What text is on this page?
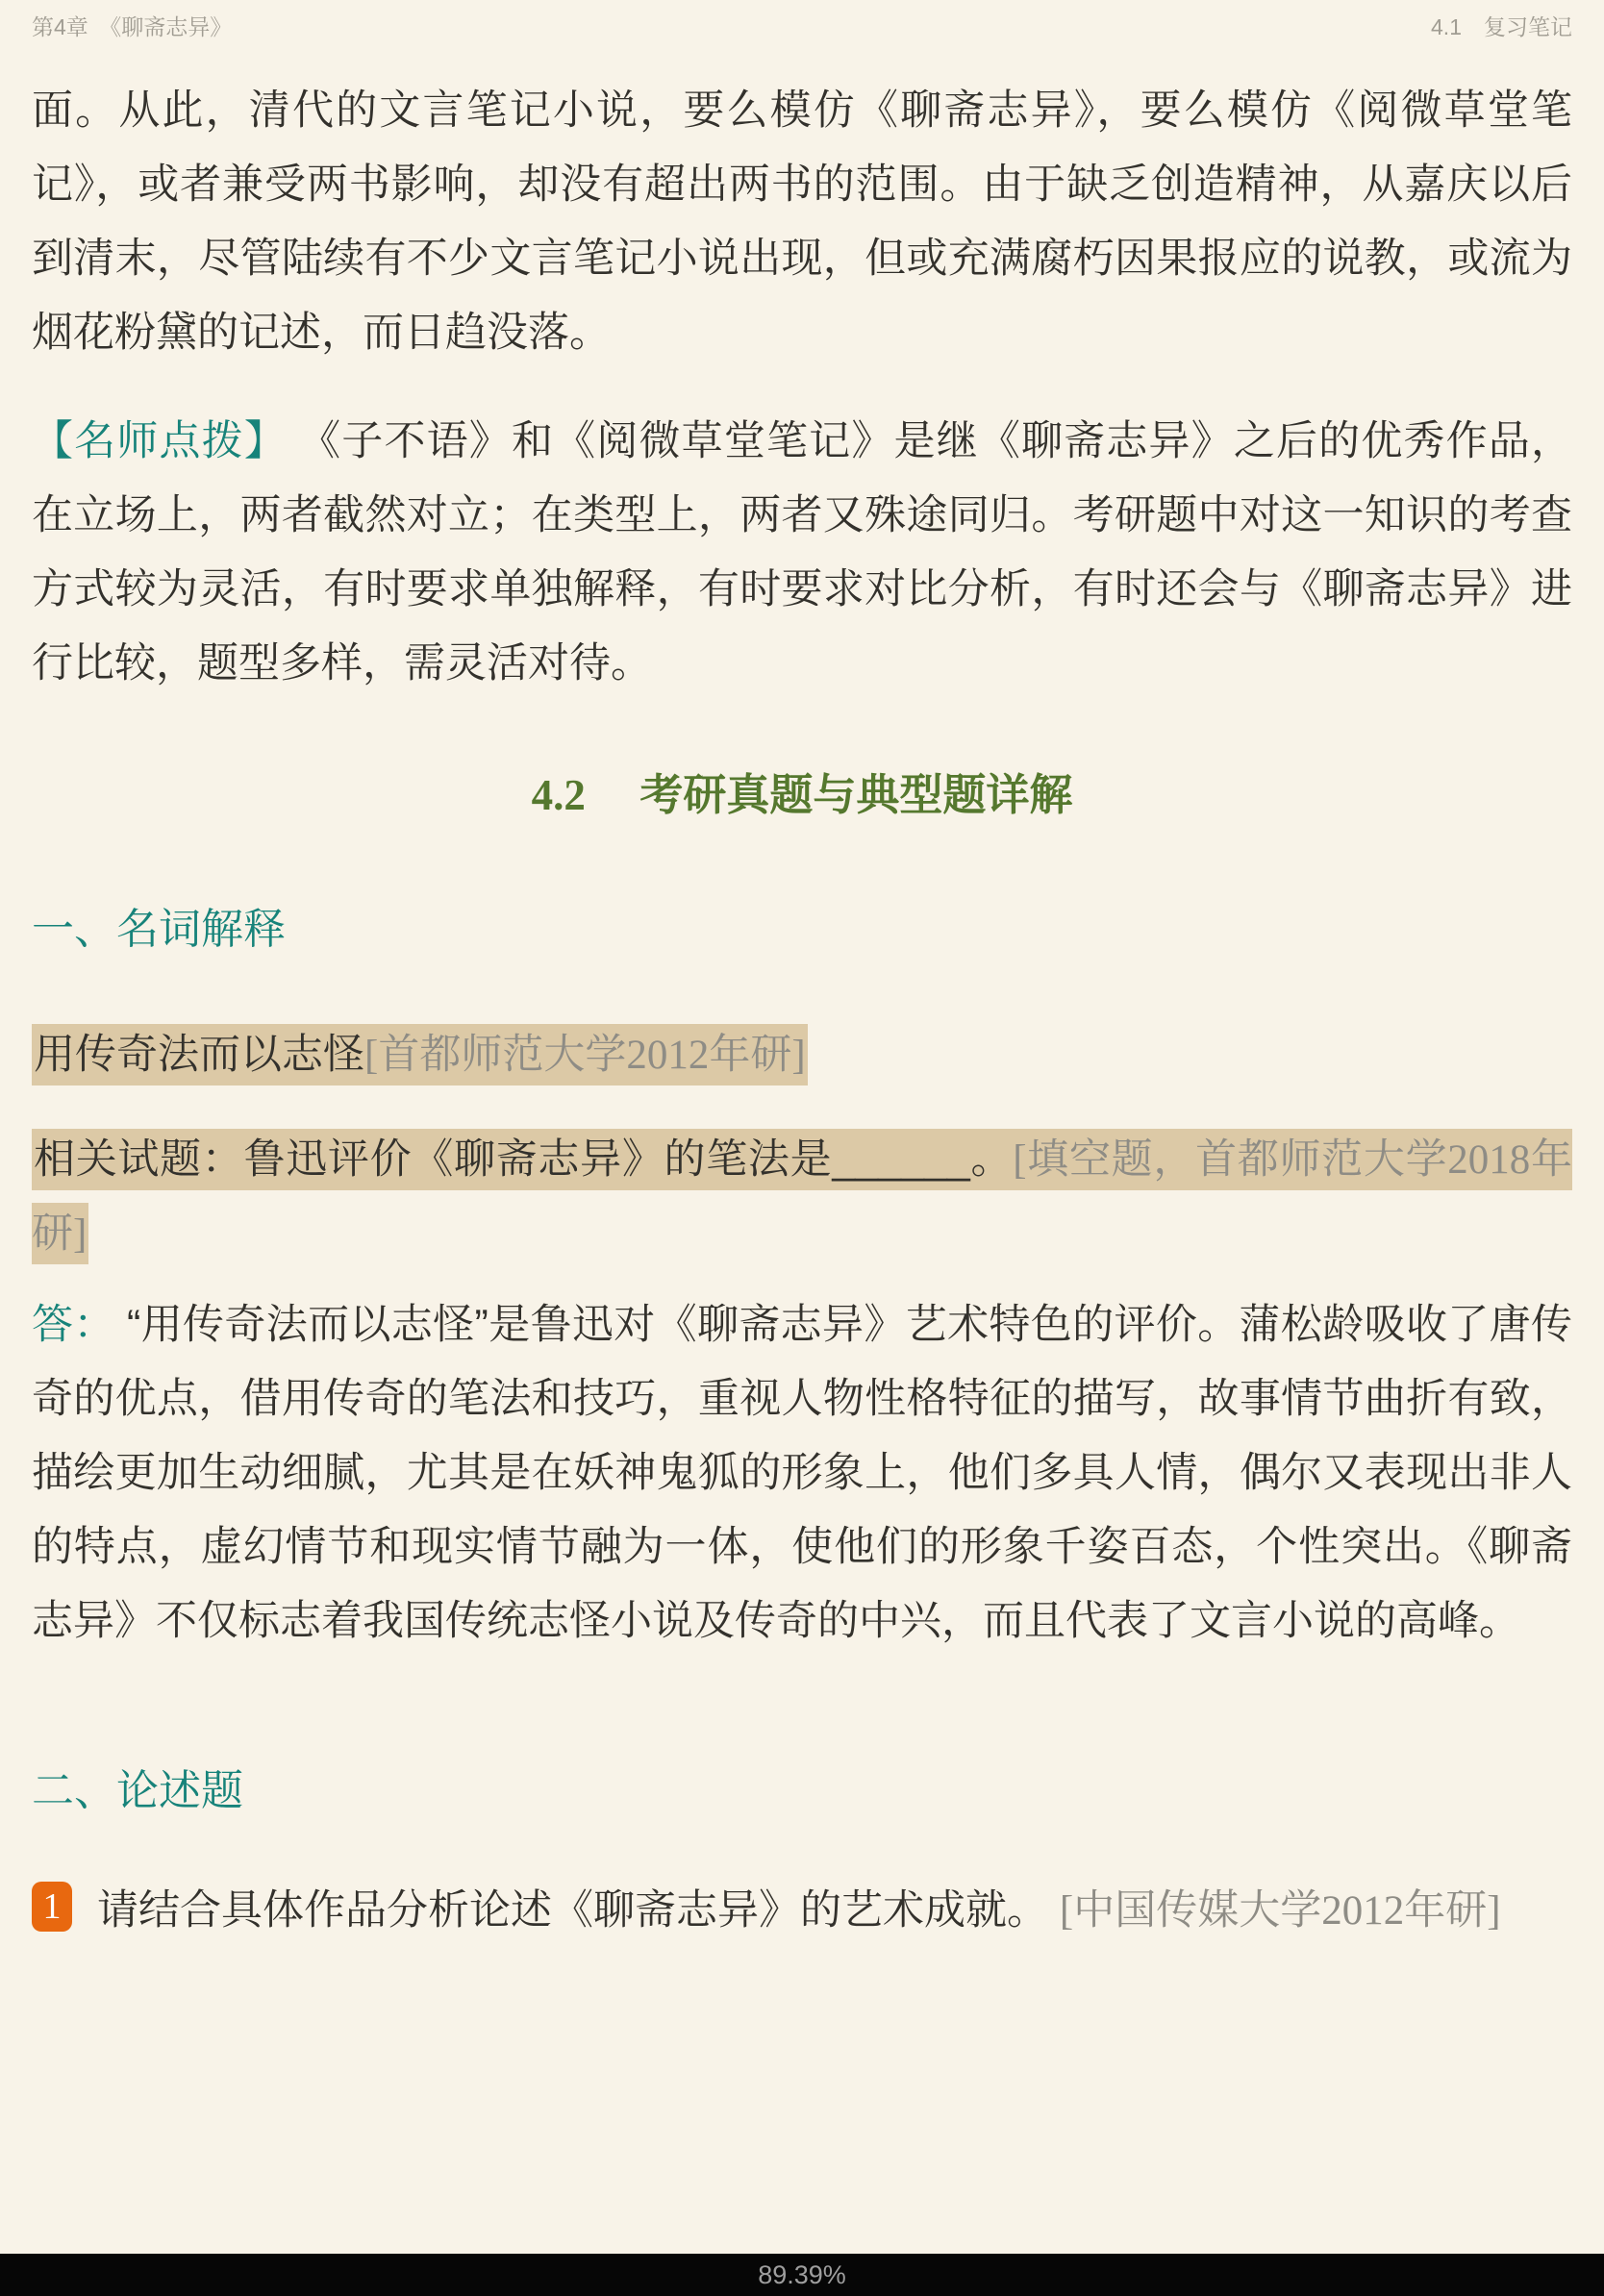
第4章　《聊斋志异》	4.1　复习笔记

面。从此，清代的文言笔记小说，要么模仿《聊斋志异》，要么模仿《阅微草堂笔记》，或者兼受两书影响，却没有超出两书的范围。由于缺乏创造精神，从嘉庆以后到清末，尽管陆续有不少文言笔记小说出现，但或充满腐朽因果报应的说教，或流为烟花粉黛的记述，而日趋没落。

【名师点拨】 《子不语》和《阅微草堂笔记》是继《聊斋志异》之后的优秀作品，在立场上，两者截然对立；在类型上，两者又殊途同归。考研题中对这一知识的考查方式较为灵活，有时要求单独解释，有时要求对比分析，有时还会与《聊斋志异》进行比较，题型多样，需灵活对待。

4.2 考研真题与典型题详解
一、名词解释

用传奇法而以志怪[首都师范大学2012年研]

相关试题：鲁迅评价《聊斋志异》的笔法是______。[填空题，首都师范大学2018年研]

答： “用传奇法而以志怪”是鲁迅对《聊斋志异》艺术特色的评价。蒲松龄吸收了唐传奇的优点，借用传奇的笔法和技巧，重视人物性格特征的描写，故事情节曲折有致，描绘更加生动细腻，尤其是在妖神鬼狐的形象上，他们多具人情，偶尔又表现出非人的特点，虚幻情节和现实情节融为一体，使他们的形象千姿百态，个性突出。《聊斋志异》不仅标志着我国传统志怪小说及传奇的中兴，而且代表了文言小说的高峰。

二、论述题

1 请结合具体作品分析论述《聊斋志异》的艺术成就。 [中国传媒大学2012年研]

89.39%
